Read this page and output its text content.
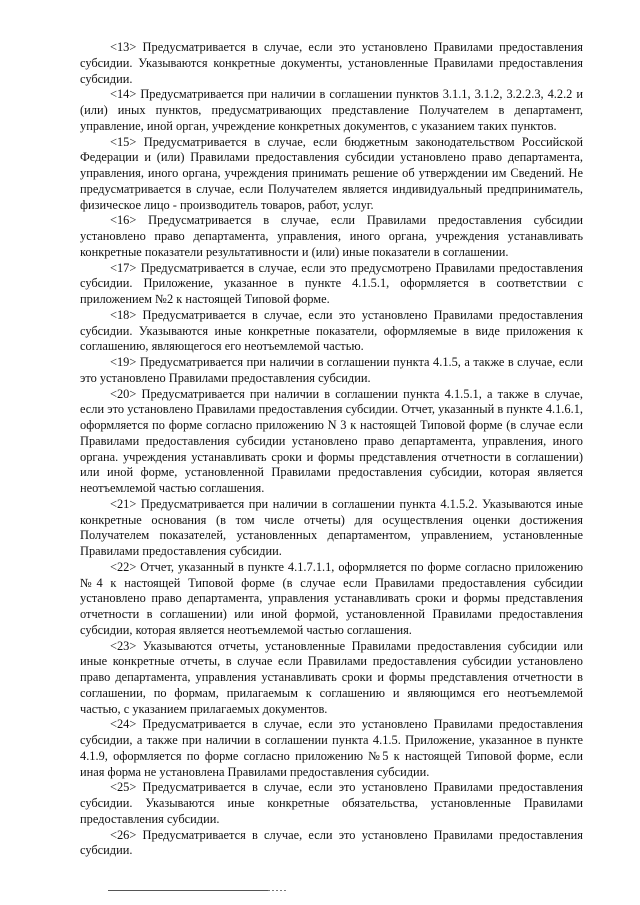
<13> Предусматривается в случае, если это установлено Правилами предоставления субсидии. Указываются конкретные документы, установленные Правилами предоставления субсидии.

<14> Предусматривается при наличии в соглашении пунктов 3.1.1, 3.1.2, 3.2.2.3, 4.2.2 и (или) иных пунктов, предусматривающих представление Получателем в департамент, управление, иной орган, учреждение конкретных документов, с указанием таких пунктов.

<15> Предусматривается в случае, если бюджетным законодательством Российской Федерации и (или) Правилами предоставления субсидии установлено право департамента, управления, иного органа, учреждения принимать решение об утверждении им Сведений. Не предусматривается в случае, если Получателем является индивидуальный предприниматель, физическое лицо - производитель товаров, работ, услуг.

<16> Предусматривается в случае, если Правилами предоставления субсидии установлено право департамента, управления, иного органа, учреждения устанавливать конкретные показатели результативности и (или) иные показатели в соглашении.

<17> Предусматривается в случае, если это предусмотрено Правилами предоставления субсидии. Приложение, указанное в пункте 4.1.5.1, оформляется в соответствии с приложением №2 к настоящей Типовой форме.

<18> Предусматривается в случае, если это установлено Правилами предоставления субсидии. Указываются иные конкретные показатели, оформляемые в виде приложения к соглашению, являющегося его неотъемлемой частью.

<19> Предусматривается при наличии в соглашении пункта 4.1.5, а также в случае, если это установлено Правилами предоставления субсидии.

<20> Предусматривается при наличии в соглашении пункта 4.1.5.1, а также в случае, если это установлено Правилами предоставления субсидии. Отчет, указанный в пункте 4.1.6.1, оформляется по форме согласно приложению N 3 к настоящей Типовой форме (в случае если Правилами предоставления субсидии установлено право департамента, управления, иного органа. учреждения устанавливать сроки и формы представления отчетности в соглашении) или иной форме, установленной Правилами предоставления субсидии, которая является неотъемлемой частью соглашения.

<21> Предусматривается при наличии в соглашении пункта 4.1.5.2. Указываются иные конкретные основания (в том числе отчеты) для осуществления оценки достижения Получателем показателей, установленных департаментом, управлением, установленные Правилами предоставления субсидии.

<22> Отчет, указанный в пункте 4.1.7.1.1, оформляется по форме согласно приложению №4 к настоящей Типовой форме (в случае если Правилами предоставления субсидии установлено право департамента, управления устанавливать сроки и формы представления отчетности в соглашении) или иной формой, установленной Правилами предоставления субсидии, которая является неотъемлемой частью соглашения.

<23> Указываются отчеты, установленные Правилами предоставления субсидии или иные конкретные отчеты, в случае если Правилами предоставления субсидии установлено право департамента, управления устанавливать сроки и формы представления отчетности в соглашении, по формам, прилагаемым к соглашению и являющимся его неотъемлемой частью, с указанием прилагаемых документов.

<24> Предусматривается в случае, если это установлено Правилами предоставления субсидии, а также при наличии в соглашении пункта 4.1.5. Приложение, указанное в пункте 4.1.9, оформляется по форме согласно приложению №5 к настоящей Типовой форме, если иная форма не установлена Правилами предоставления субсидии.

<25> Предусматривается в случае, если это установлено Правилами предоставления субсидии. Указываются иные конкретные обязательства, установленные Правилами предоставления субсидии.

<26> Предусматривается в случае, если это установлено Правилами предоставления субсидии.
